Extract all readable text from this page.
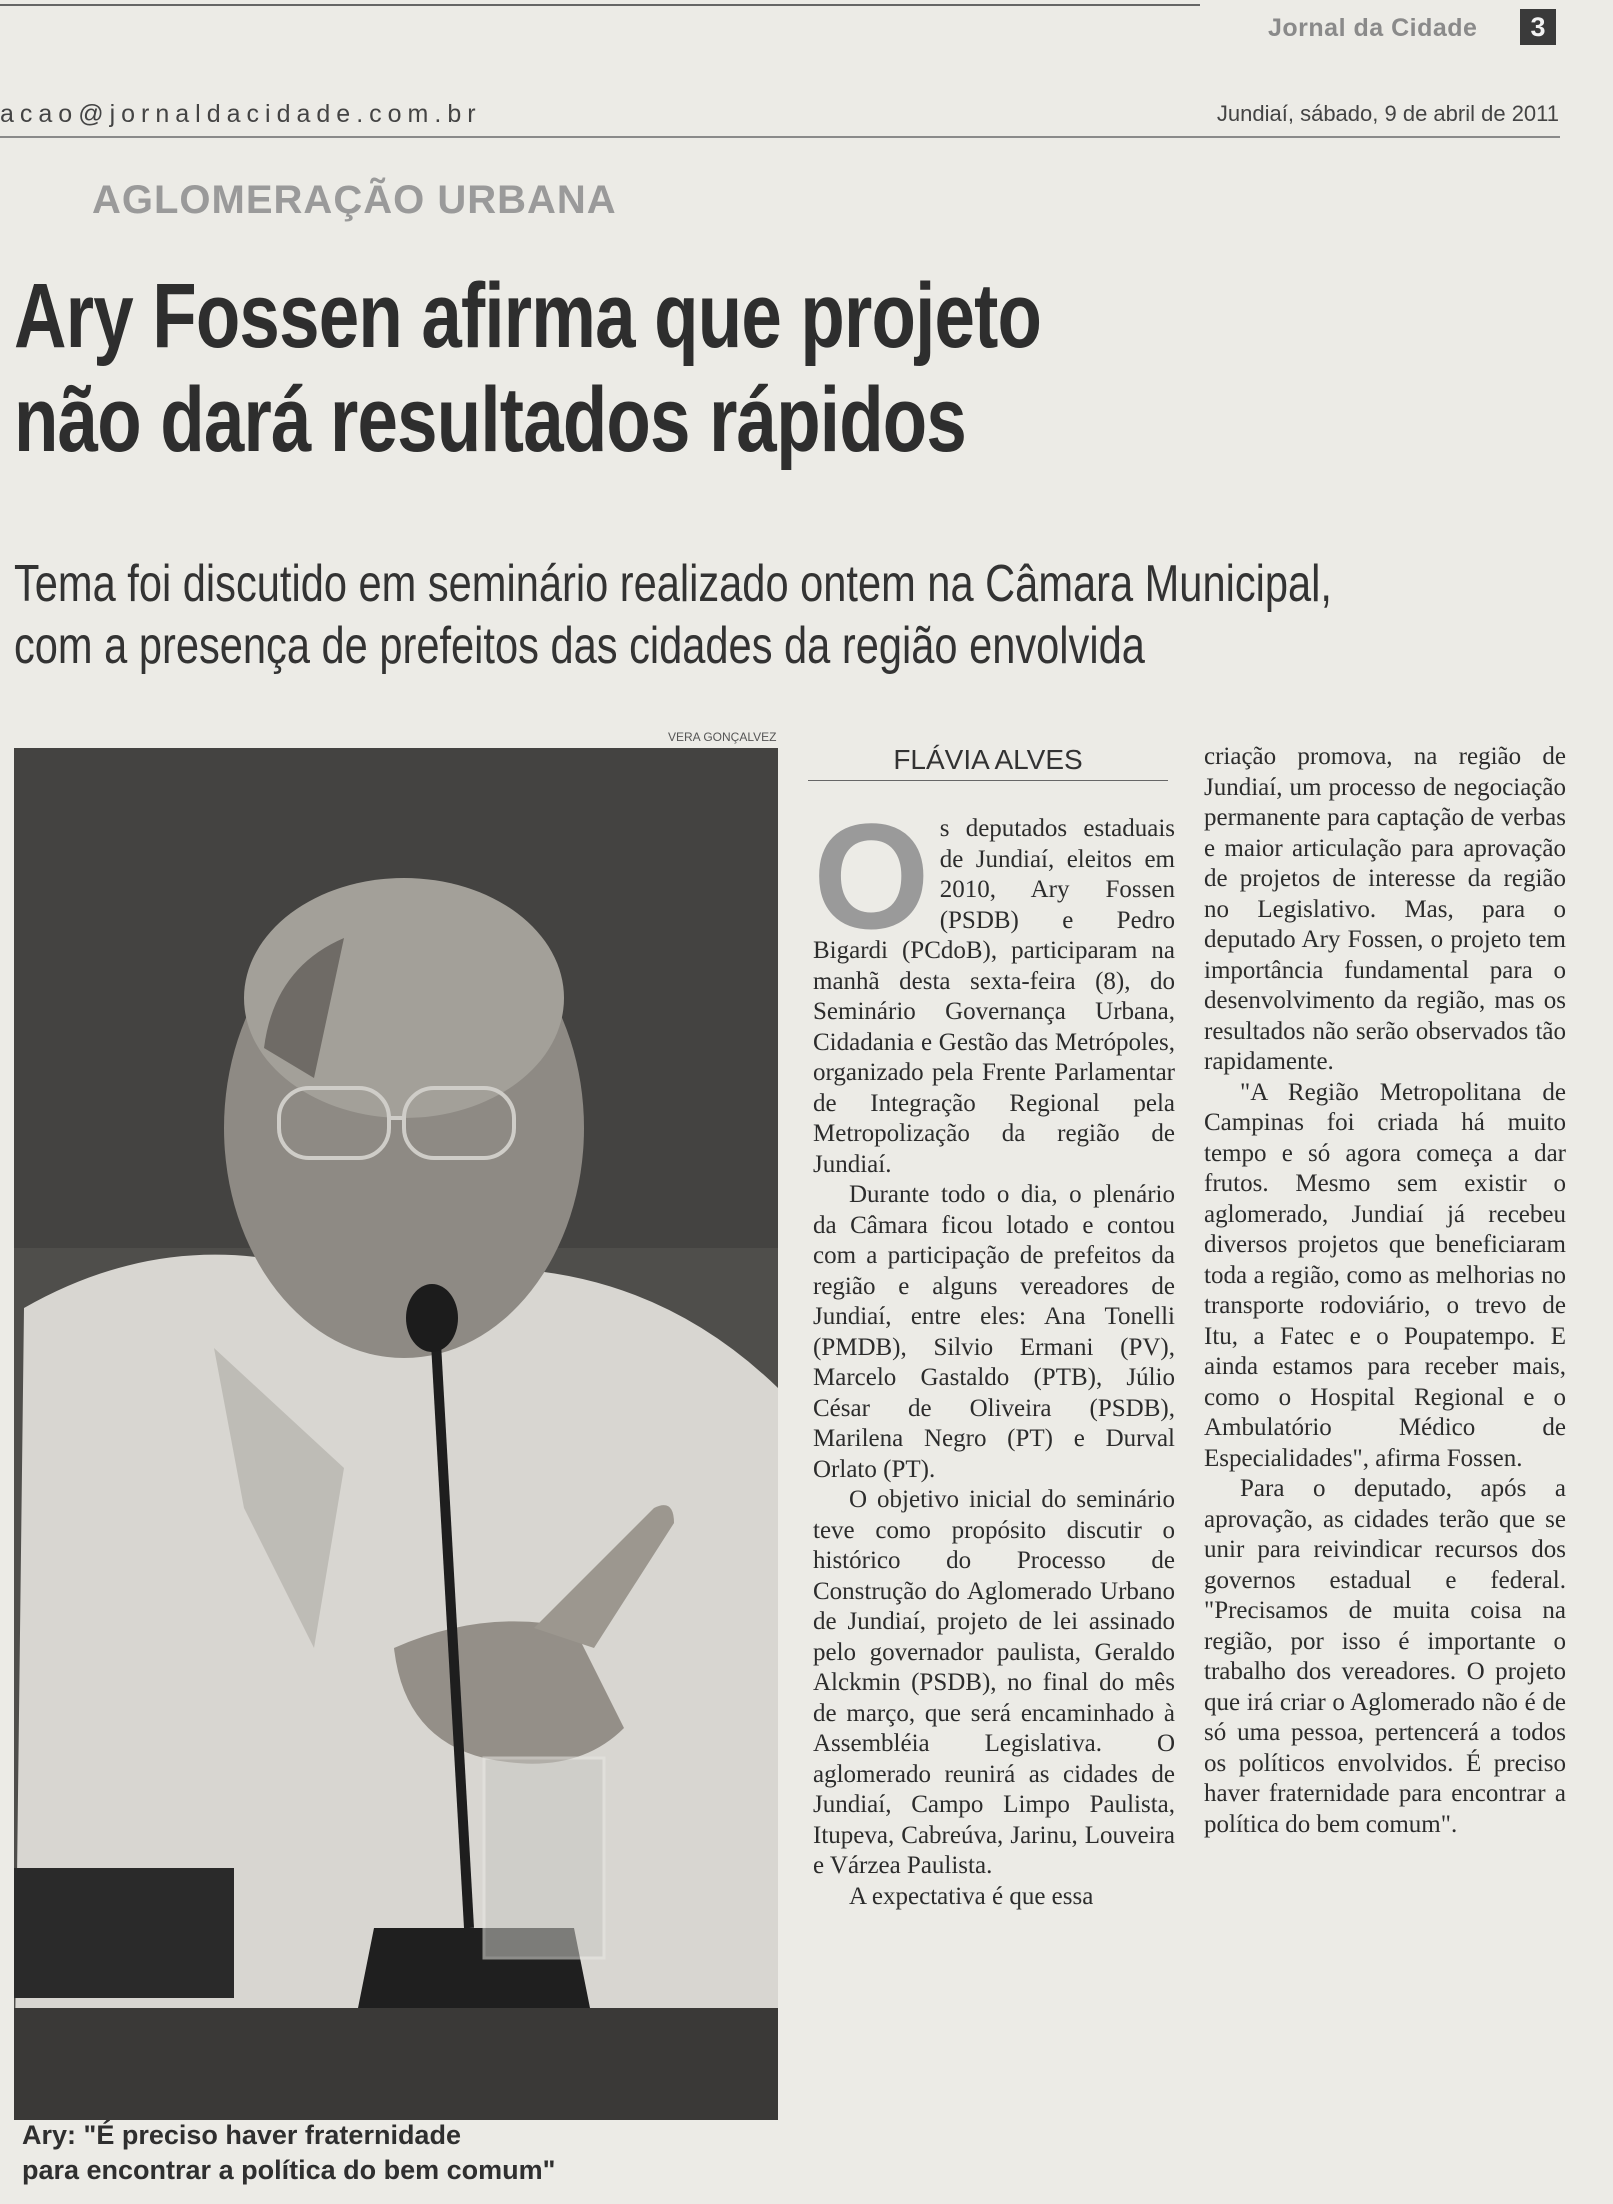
Jornal da Cidade	3
acao@jornaldacidade.com.br	Jundiaí, sábado, 9 de abril de 2011
AGLOMERAÇÃO URBANA
Ary Fossen afirma que projeto
não dará resultados rápidos
Tema foi discutido em seminário realizado ontem na Câmara Municipal,
com a presença de prefeitos das cidades da região envolvida
VERA GONÇALVEZ
Ary: "É preciso haver fraternidade
para encontrar a política do bem comum"
FLÁVIA ALVES

O s deputados estaduais de Jundiaí, eleitos em 2010, Ary Fossen (PSDB) e Pedro Bigardi (PCdoB), participaram na manhã desta sexta-feira (8), do Seminário Governança Urbana, Cidadania e Gestão das Metrópoles, organizado pela Frente Parlamentar de Integração Regional pela Metropolização da região de Jundiaí.

Durante todo o dia, o plenário da Câmara ficou lotado e contou com a participação de prefeitos da região e alguns vereadores de Jundiaí, entre eles: Ana Tonelli (PMDB), Silvio Ermani (PV), Marcelo Gastaldo (PTB), Júlio César de Oliveira (PSDB), Marilena Negro (PT) e Durval Orlato (PT).

O objetivo inicial do seminário teve como propósito discutir o histórico do Processo de Construção do Aglomerado Urbano de Jundiaí, projeto de lei assinado pelo governador paulista, Geraldo Alckmin (PSDB), no final do mês de março, que será encaminhado à Assembléia Legislativa. O aglomerado reunirá as cidades de Jundiaí, Campo Limpo Paulista, Itupeva, Cabreúva, Jarinu, Louveira e Várzea Paulista.

A expectativa é que essa

criação promova, na região de Jundiaí, um processo de negociação permanente para captação de verbas e maior articulação para aprovação de projetos de interesse da região no Legislativo. Mas, para o deputado Ary Fossen, o projeto tem importância fundamental para o desenvolvimento da região, mas os resultados não serão observados tão rapidamente.

"A Região Metropolitana de Campinas foi criada há muito tempo e só agora começa a dar frutos. Mesmo sem existir o aglomerado, Jundiaí já recebeu diversos projetos que beneficiaram toda a região, como as melhorias no transporte rodoviário, o trevo de Itu, a Fatec e o Poupatempo. E ainda estamos para receber mais, como o Hospital Regional e o Ambulatório Médico de Especialidades", afirma Fossen.

Para o deputado, após a aprovação, as cidades terão que se unir para reivindicar recursos dos governos estadual e federal. "Precisamos de muita coisa na região, por isso é importante o trabalho dos vereadores. O projeto que irá criar o Aglomerado não é de só uma pessoa, pertencerá a todos os políticos envolvidos. É preciso haver fraternidade para encontrar a política do bem comum".
